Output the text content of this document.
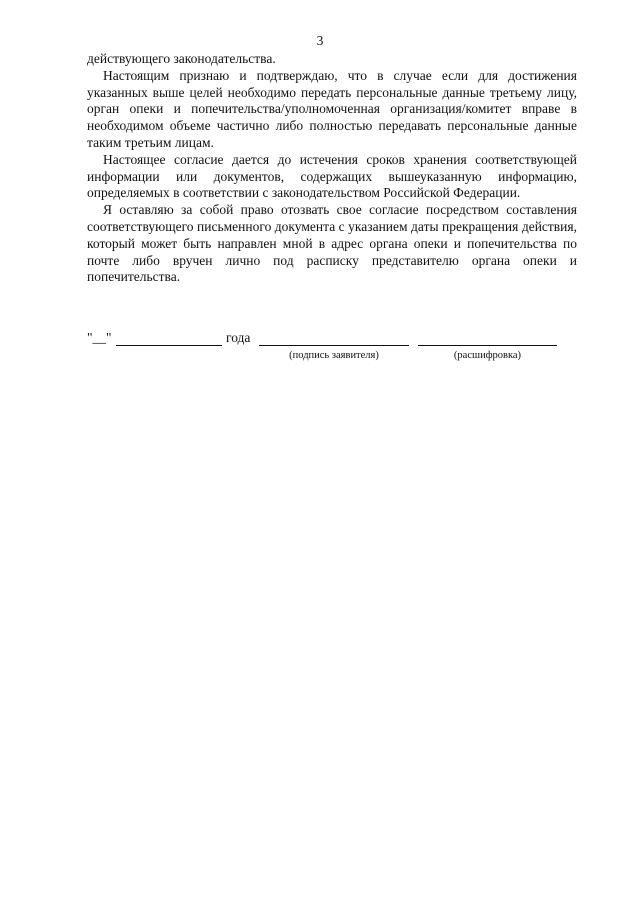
3

действующего законодательства.

Настоящим признаю и подтверждаю, что в случае если для достижения указанных выше целей необходимо передать персональные данные третьему лицу, орган опеки и попечительства/уполномоченная организация/комитет вправе в необходимом объеме частично либо полностью передавать персональные данные таким третьим лицам.

Настоящее согласие дается до истечения сроков хранения соответствующей информации или документов, содержащих вышеуказанную информацию, определяемых в соответствии с законодательством Российской Федерации.

Я оставляю за собой право отозвать свое согласие посредством составления соответствующего письменного документа с указанием даты прекращения действия, который может быть направлен мной в адрес органа опеки и попечительства по почте либо вручен лично под расписку представителю органа опеки и попечительства.

"__"	года
(подпись заявителя)	(расшифровка)
